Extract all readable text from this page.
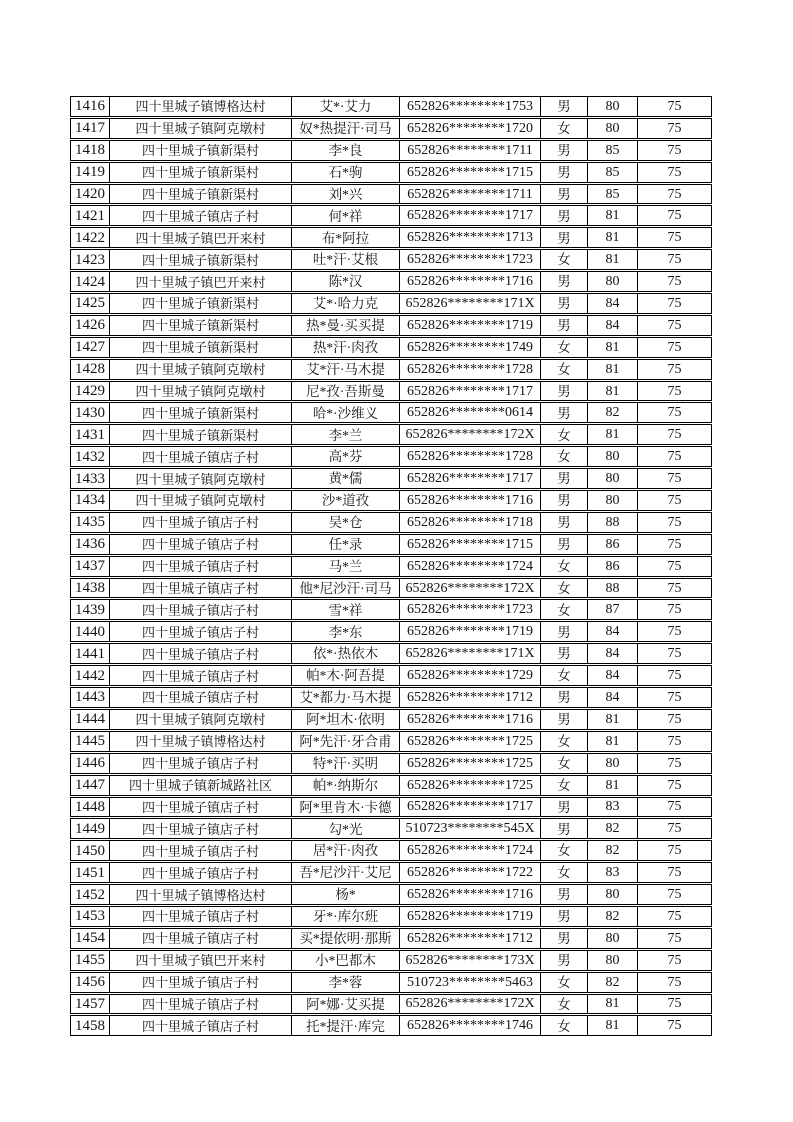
1416	四十里城子镇博格达村	艾*·艾力	652826********1753	男	80	75
1417	四十里城子镇阿克墩村	奴*热提汗·司马	652826********1720	女	80	75
1418	四十里城子镇新渠村	李*良	652826********1711	男	85	75
1419	四十里城子镇新渠村	石*驹	652826********1715	男	85	75
1420	四十里城子镇新渠村	刘*兴	652826********1711	男	85	75
1421	四十里城子镇店子村	何*祥	652826********1717	男	81	75
1422	四十里城子镇巴开来村	布*阿拉	652826********1713	男	81	75
1423	四十里城子镇新渠村	吐*汗·艾根	652826********1723	女	81	75
1424	四十里城子镇巴开来村	陈*汉	652826********1716	男	80	75
1425	四十里城子镇新渠村	艾*·哈力克	652826********171X	男	84	75
1426	四十里城子镇新渠村	热*曼·买买提	652826********1719	男	84	75
1427	四十里城子镇新渠村	热*汗·肉孜	652826********1749	女	81	75
1428	四十里城子镇阿克墩村	艾*汗·马木提	652826********1728	女	81	75
1429	四十里城子镇阿克墩村	尼*孜·吾斯曼	652826********1717	男	81	75
1430	四十里城子镇新渠村	哈*·沙维义	652826********0614	男	82	75
1431	四十里城子镇新渠村	李*兰	652826********172X	女	81	75
1432	四十里城子镇店子村	高*芬	652826********1728	女	80	75
1433	四十里城子镇阿克墩村	黄*儒	652826********1717	男	80	75
1434	四十里城子镇阿克墩村	沙*道孜	652826********1716	男	80	75
1435	四十里城子镇店子村	吴*仓	652826********1718	男	88	75
1436	四十里城子镇店子村	任*录	652826********1715	男	86	75
1437	四十里城子镇店子村	马*兰	652826********1724	女	86	75
1438	四十里城子镇店子村	他*尼沙汗·司马 652826********172X	女	88	75
1439	四十里城子镇店子村	雪*祥	652826********1723	女	87	75
1440	四十里城子镇店子村	李*东	652826********1719	男	84	75
1441	四十里城子镇店子村	依*·热依木	652826********171X	男	84	75
1442	四十里城子镇店子村	帕*木·阿吾提	652826********1729	女	84	75
1443	四十里城子镇店子村	艾*都力·马木提	652826********1712	男	84	75
1444	四十里城子镇阿克墩村	阿*坦木·依明	652826********1716	男	81	75
1445	四十里城子镇博格达村	阿*先汗·牙合甫	652826********1725	女	81	75
1446	四十里城子镇店子村	特*汗·买明	652826********1725	女	80	75
1447	四十里城子镇新城路社区	帕*·纳斯尔	652826********1725	女	81	75
1448	四十里城子镇店子村	阿*里肯木·卡德	652826********1717	男	83	75
1449	四十里城子镇店子村	勾*光	510723********545X	男	82	75
1450	四十里城子镇店子村	居*汗·肉孜	652826********1724	女	82	75
1451	四十里城子镇店子村	吾*尼沙汗·艾尼	652826********1722	女	83	75
1452	四十里城子镇博格达村	杨*	652826********1716	男	80	75
1453	四十里城子镇店子村	牙*·库尔班	652826********1719	男	82	75
1454	四十里城子镇店子村	买*提依明·那斯	652826********1712	男	80	75
1455	四十里城子镇巴开来村	小*巴都木	652826********173X	男	80	75
1456	四十里城子镇店子村	李*蓉	510723********5463	女	82	75
1457	四十里城子镇店子村	阿*娜·艾买提	652826********172X	女	81	75
1458	四十里城子镇店子村	托*提汗·库完	652826********1746	女	81	75
